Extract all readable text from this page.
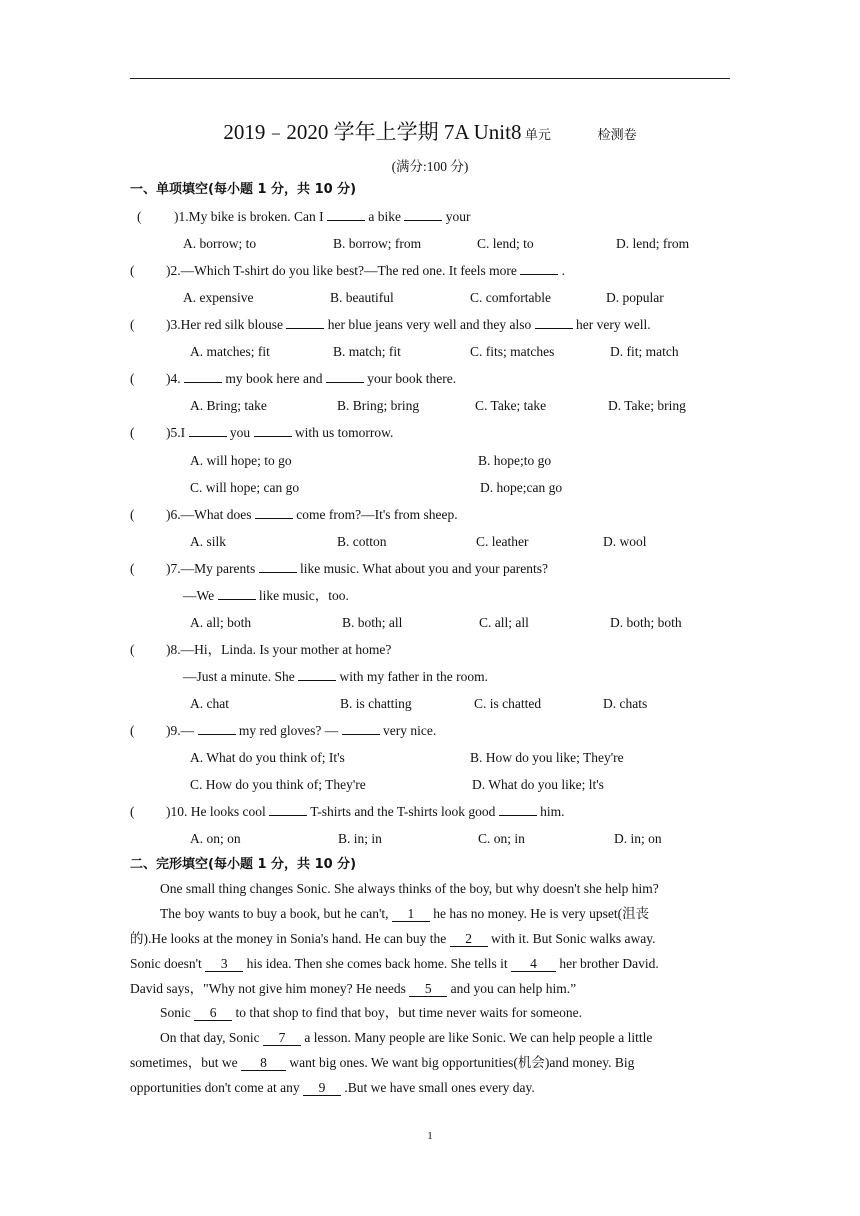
2019﹣2020 学年上学期 7A Unit8 单元	检测卷
(满分:100 分)
一、单项填空(每小题 1 分，共 10 分)
( )1.My bike is broken. Can I	a bike	your
A. borrow; to	B. borrow; from	C. lend; to	D. lend; from
( )2.—Which T-shirt do you like best?—The red one. It feels more	.
A. expensive	B. beautiful	C. comfortable	D. popular
( )3.Her red silk blouse	her blue jeans very well and they also	her very well.
A. matches; fit	B. match; fit	C. fits; matches	D. fit; match
( )4.	my book here and	your book there.
A. Bring; take	B. Bring; bring	C. Take; take	D. Take; bring
( )5.I	you	with us tomorrow.
A. will hope; to go	B. hope;to go
C. will hope; can go	D. hope;can go
( )6.—What does	come from?—It's from sheep.
A. silk	B. cotton	C. leather	D. wool
( )7.—My parents	like music. What about you and your parents?
—We	like music，too.
A. all; both	B. both; all	C. all; all	D. both; both
( )8.—Hi，Linda. Is your mother at home?
—Just a minute. She	with my father in the room.
A. chat	B. is chatting	C. is chatted	D. chats
( )9.—	my red gloves? —	very nice.
A. What do you think of; It's	B. How do you like; They're
C. How do you think of; They're	D. What do you like; lt's
( )10. He looks cool	T-shirts and the T-shirts look good	him.
A. on; on	B. in; in	C. on; in	D. in; on
二、完形填空(每小题 1 分，共 10 分)
One small thing changes Sonic. She always thinks of the boy, but why doesn't she help him?
The boy wants to buy a book, but he can't, 1 he has no money. He is very upset(沮丧
的).He looks at the money in Sonia's hand. He can buy the 2 with it. But Sonic walks away.
Sonic doesn't 3 his idea. Then she comes back home. She tells it 4 her brother David.
David says，"Why not give him money? He needs 5 and you can help him.”
Sonic 6 to that shop to find that boy，but time never waits for someone.
On that day, Sonic 7 a lesson. Many people are like Sonic. We can help people a little
sometimes，but we 8 want big ones. We want big opportunities(机会)and money. Big
opportunities don't come at any 9 .But we have small ones every day.
1
